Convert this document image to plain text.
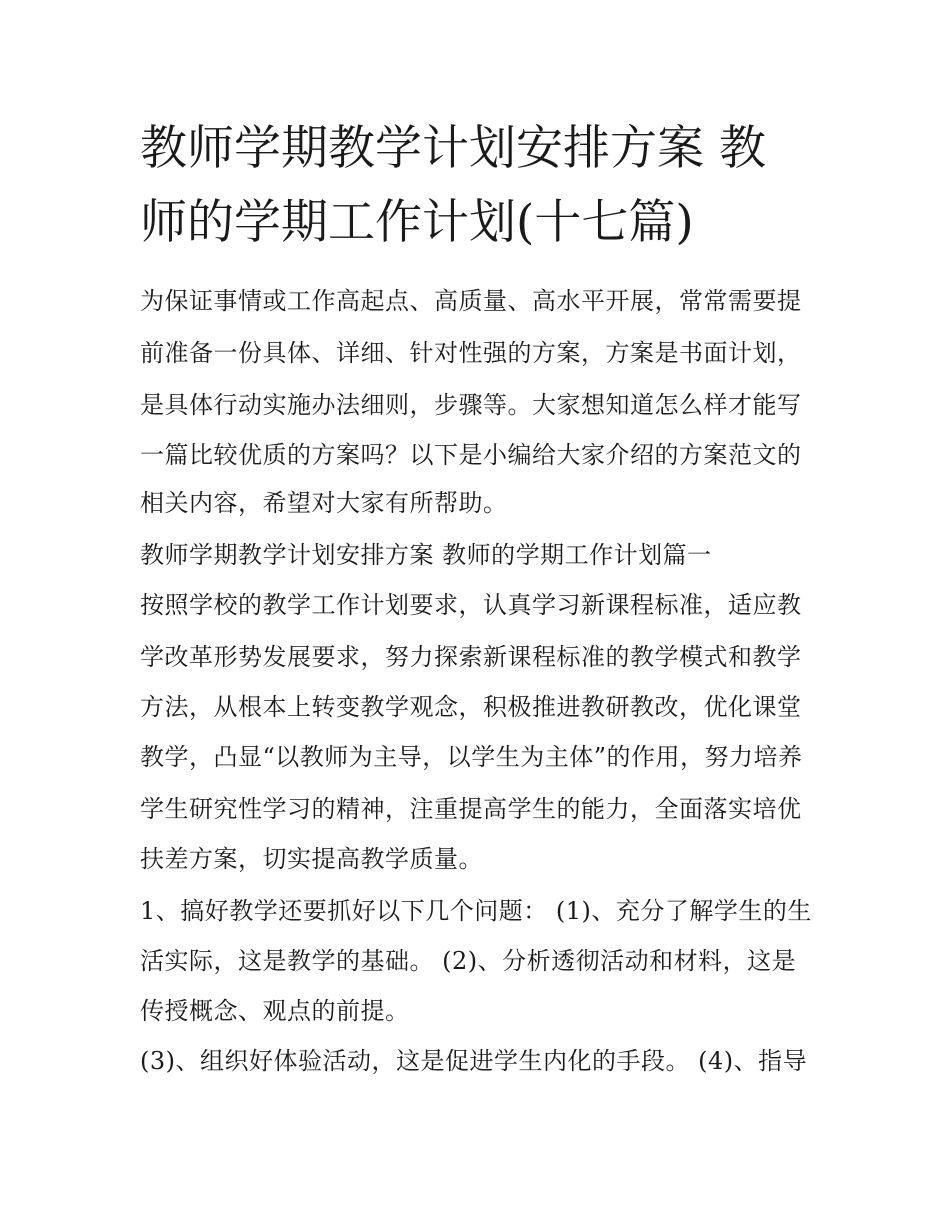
教师学期教学计划安排方案 教
师的学期工作计划(十七篇)
为保证事情或工作高起点、高质量、高水平开展，常常需要提
前准备一份具体、详细、针对性强的方案，方案是书面计划，
是具体行动实施办法细则，步骤等。大家想知道怎么样才能写
一篇比较优质的方案吗？以下是小编给大家介绍的方案范文的
相关内容，希望对大家有所帮助。
教师学期教学计划安排方案 教师的学期工作计划篇一
按照学校的教学工作计划要求，认真学习新课程标准，适应教
学改革形势发展要求，努力探索新课程标准的教学模式和教学
方法，从根本上转变教学观念，积极推进教研教改，优化课堂
教学，凸显“以教师为主导，以学生为主体”的作用，努力培养
学生研究性学习的精神，注重提高学生的能力，全面落实培优
扶差方案，切实提高教学质量。
1、搞好教学还要抓好以下几个问题： (1)、充分了解学生的生
活实际，这是教学的基础。 (2)、分析透彻活动和材料，这是
传授概念、观点的前提。
(3)、组织好体验活动，这是促进学生内化的手段。 (4)、指导
